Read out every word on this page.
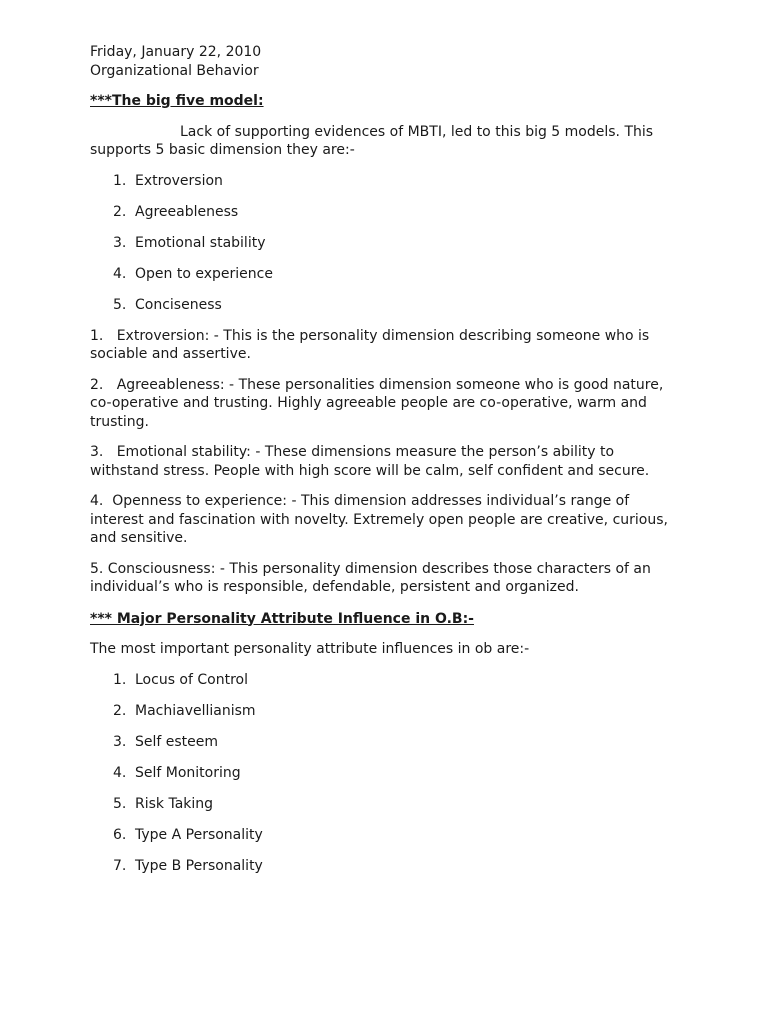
Friday, January 22, 2010
Organizational Behavior
***The big five model:
Lack of supporting evidences of MBTI, led to this big 5 models. This supports 5 basic dimension they are:-
1. Extroversion
2. Agreeableness
3. Emotional stability
4. Open to experience
5. Conciseness
1.   Extroversion: - This is the personality dimension describing someone who is sociable and assertive.
2.   Agreeableness: - These personalities dimension someone who is good nature, co-operative and trusting. Highly agreeable people are co-operative, warm and trusting.
3.   Emotional stability: - These dimensions measure the person’s ability to withstand stress. People with high score will be calm, self confident and secure.
4.  Openness to experience: - This dimension addresses individual’s range of interest and fascination with novelty. Extremely open people are creative, curious, and sensitive.
5. Consciousness: - This personality dimension describes those characters of an individual’s who is responsible, defendable, persistent and organized.
*** Major Personality Attribute Influence in O.B:-
The most important personality attribute influences in ob are:-
1. Locus of Control
2. Machiavellianism
3. Self esteem
4. Self Monitoring
5. Risk Taking
6. Type A Personality
7. Type B Personality
